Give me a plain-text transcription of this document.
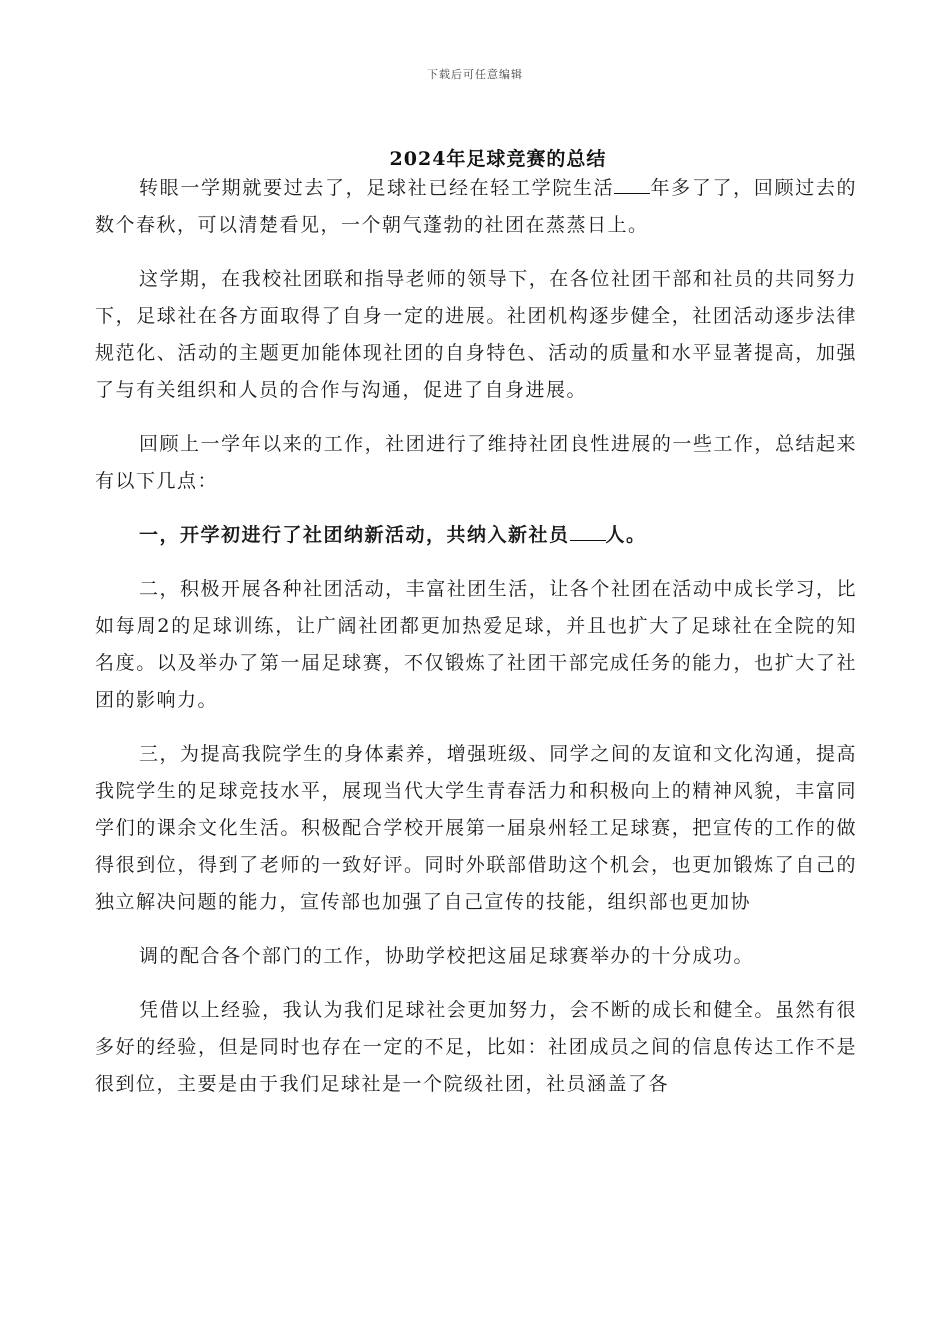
下载后可任意编辑
2024年足球竞赛的总结

转眼一学期就要过去了，足球社已经在轻工学院生活 年多了了，回顾过去的数个春秋，可以清楚看见，一个朝气蓬勃的社团在蒸蒸日上。

这学期，在我校社团联和指导老师的领导下，在各位社团干部和社员的共同努力下，足球社在各方面取得了自身一定的进展。社团机构逐步健全，社团活动逐步法律规范化、活动的主题更加能体现社团的自身特色、活动的质量和水平显著提高，加强了与有关组织和人员的合作与沟通，促进了自身进展。

回顾上一学年以来的工作，社团进行了维持社团良性进展的一些工作，总结起来有以下几点：

一，开学初进行了社团纳新活动，共纳入新社员 人。

二，积极开展各种社团活动，丰富社团生活，让各个社团在活动中成长学习，比如每周2的足球训练，让广阔社团都更加热爱足球，并且也扩大了足球社在全院的知名度。以及举办了第一届足球赛，不仅锻炼了社团干部完成任务的能力，也扩大了社团的影响力。

三，为提高我院学生的身体素养，增强班级、同学之间的友谊和文化沟通，提高我院学生的足球竞技水平，展现当代大学生青春活力和积极向上的精神风貌，丰富同学们的课余文化生活。积极配合学校开展第一届泉州轻工足球赛，把宣传的工作的做得很到位，得到了老师的一致好评。同时外联部借助这个机会，也更加锻炼了自己的独立解决问题的能力，宣传部也加强了自己宣传的技能，组织部也更加协

调的配合各个部门的工作，协助学校把这届足球赛举办的十分成功。

凭借以上经验，我认为我们足球社会更加努力，会不断的成长和健全。虽然有很多好的经验，但是同时也存在一定的不足，比如：社团成员之间的信息传达工作不是很到位，主要是由于我们足球社是一个院级社团，社员涵盖了各
